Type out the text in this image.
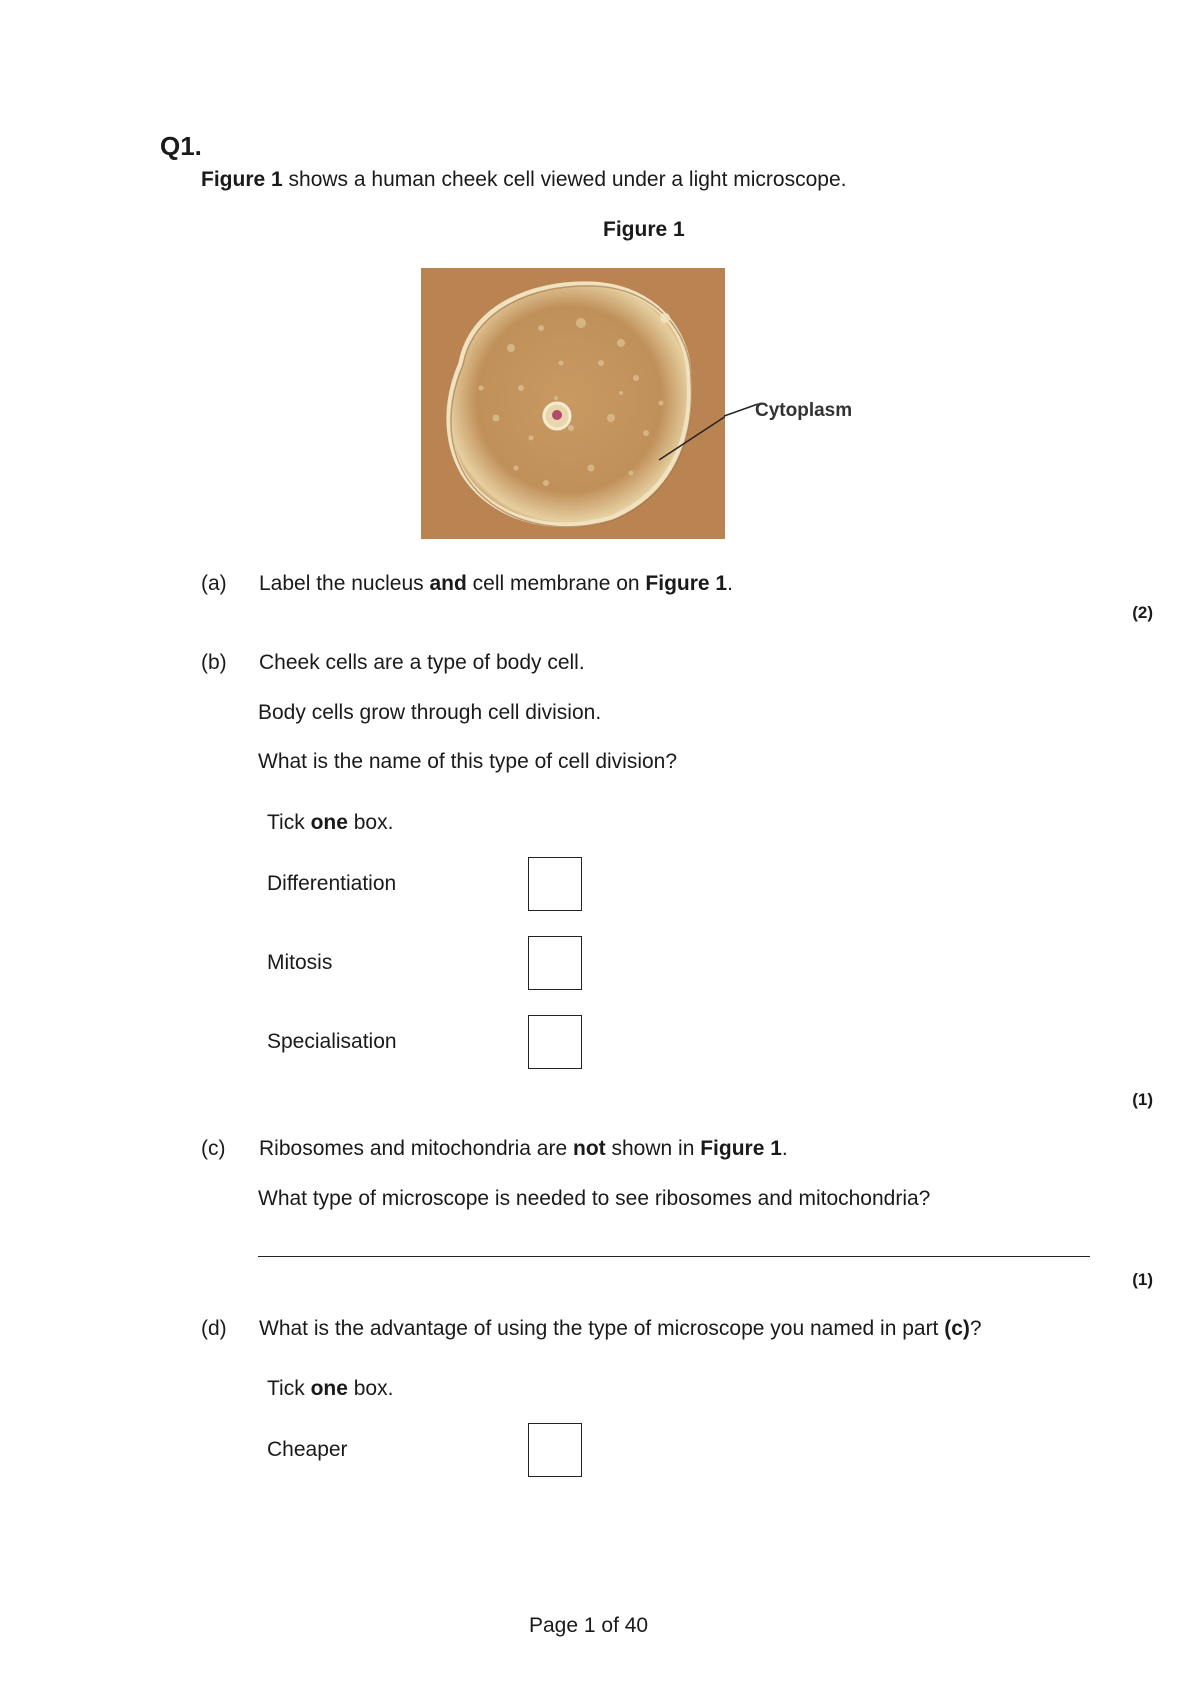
Q1.
Figure 1 shows a human cheek cell viewed under a light microscope.
Figure 1
Cytoplasm
(a) Label the nucleus and cell membrane on Figure 1.
(2)
(b) Cheek cells are a type of body cell.
Body cells grow through cell division.
What is the name of this type of cell division?
Tick one box.
Differentiation
Mitosis
Specialisation
(1)
(c) Ribosomes and mitochondria are not shown in Figure 1.
What type of microscope is needed to see ribosomes and mitochondria?
(1)
(d) What is the advantage of using the type of microscope you named in part (c)?
Tick one box.
Cheaper
Page 1 of 40
